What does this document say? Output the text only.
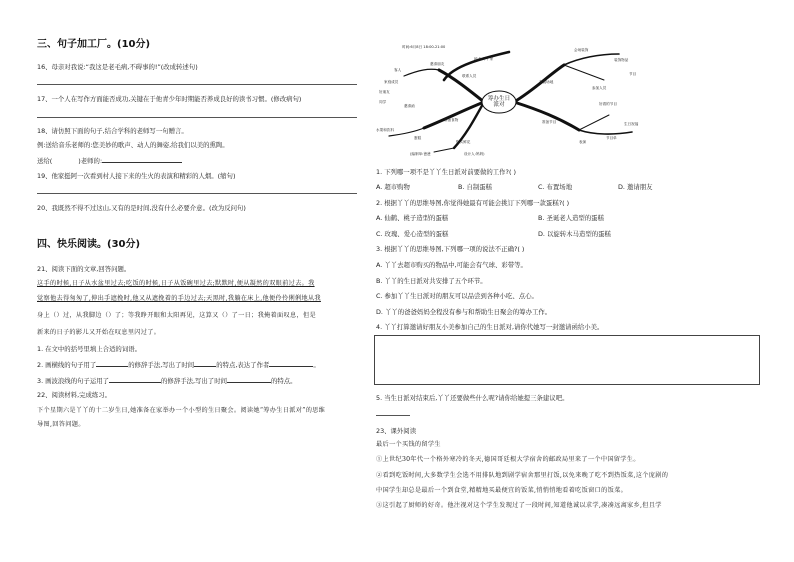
三、句子加工厂。(10分)
16、母亲对我说:“我这是老毛病,不碍事的!”(改成转述句)
17、一个人在写作方面能否成功,关键在于他青少年时期能否养成良好的读书习惯。(修改病句)
18、请仿照下面的句子,结合学科的老师写一句赠言。
例:送给音乐老师的:您美妙的歌声、动人的舞姿,给我们以美的熏陶。
送给(	)老师的:
19、他家挺阿一次看到村人接下来的生火的表演和精彩的人烟。(缩句)
20、我既然不得不过这山,又有的是时间,没有什么必要介意。(改为反问句)
四、快乐阅读。(30分)
21、阅读下面的文章,回答问题。
这手的时候,日子从水盆里过去;吃饭的时候,日子从饭碗里过去;默默时,便从凝然的双眼前过去。我
觉察他去得匆匆了,伸出手遮挽时,他又从遮挽着的手边过去;天黑时,我躺在床上,他便伶伶俐俐地从我
身上（）过，从我脚边（）了；等我睁开眼和太阳再见，这算又（）了一日；我掩着面叹息，但是
新来的日子的影儿又开始在叹息里闪过了。
1. 在文中的括号里填上合适的词语。
2. 画横线的句子用了	的修辞手法,写出了时间	的特点,表达了作者	。
3. 画波浪线的句子运用了	的修辞手法,写出了时间	的特点。
22、阅读材料,完成练习。
下个星期六是丫丫的十二岁生日,她准备在家举办一个小型的生日聚会。阅读她“筹办生日派对”的思维
导图,回答问题。
筹办生日派对
时间:6月8日 18:00-21:00
地点:丫丫家
联系人员
邀请朋友
客人
家庭成员
好朋友
水果和饮料
邀请函
同学
蛋糕
准备食物
购买鲜花
布置场地
会场装饰
装饰物品
准备节目
好看的节目
生日祝福
参加人员
节目单
表演
节目
(编制单:爸爸	设计人:妈妈)
1. 下列哪一项不是丫丫生日派对前要做的工作?( )
A. 超市购物	B. 自制蛋糕	C. 布置场地	D. 邀请朋友
2. 根据丫丫的思维导图,你觉得她最有可能会挑订下列哪一款蛋糕?( )
A. 仙鹤、桃子造型的蛋糕	B. 圣诞老人造型的蛋糕
C. 玫瑰、爱心造型的蛋糕	D. 以旋转木马造型的蛋糕
3. 根据丫丫的思维导图,下列哪一项的说法不正确?( )
A. 丫丫去超市购买的物品中,可能会有气球、彩带等。
B. 丫丫的生日派对共安排了五个环节。
C. 参加丫丫生日派对的朋友可以品尝到各种小吃、点心。
D. 丫丫的爸爸妈妈全程没有参与和帮助生日聚会的筹办工作。
4. 丫丫打算邀请好朋友小美参加自己的生日派对,请你代她写一封邀请函给小美。
5. 当生日派对结束后,丫丫还要做些什么呢?请你给她提三条建议吧。
23、课外阅读
最后一个买钱的留学生
①上世纪30年代一个格外寒冷的冬天,德国哥廷根大学宿舍的邮政局里来了一个中国留学生。
②看到吃饭时间,大多数学生会选不用排队地到剧学宿舍那里打饭,以免来晚了吃不到热饭菜,这个庞剧的
中国学生却总是最后一个到食堂,精精地买最便宜的饭菜,悄悄悄地看着吃饭窗口的饭菜。
③这引起了厨师的好奇。他注视对这个学生发现过了一段时间,知道他诚以求学,凑凑远离家乡,但且学
